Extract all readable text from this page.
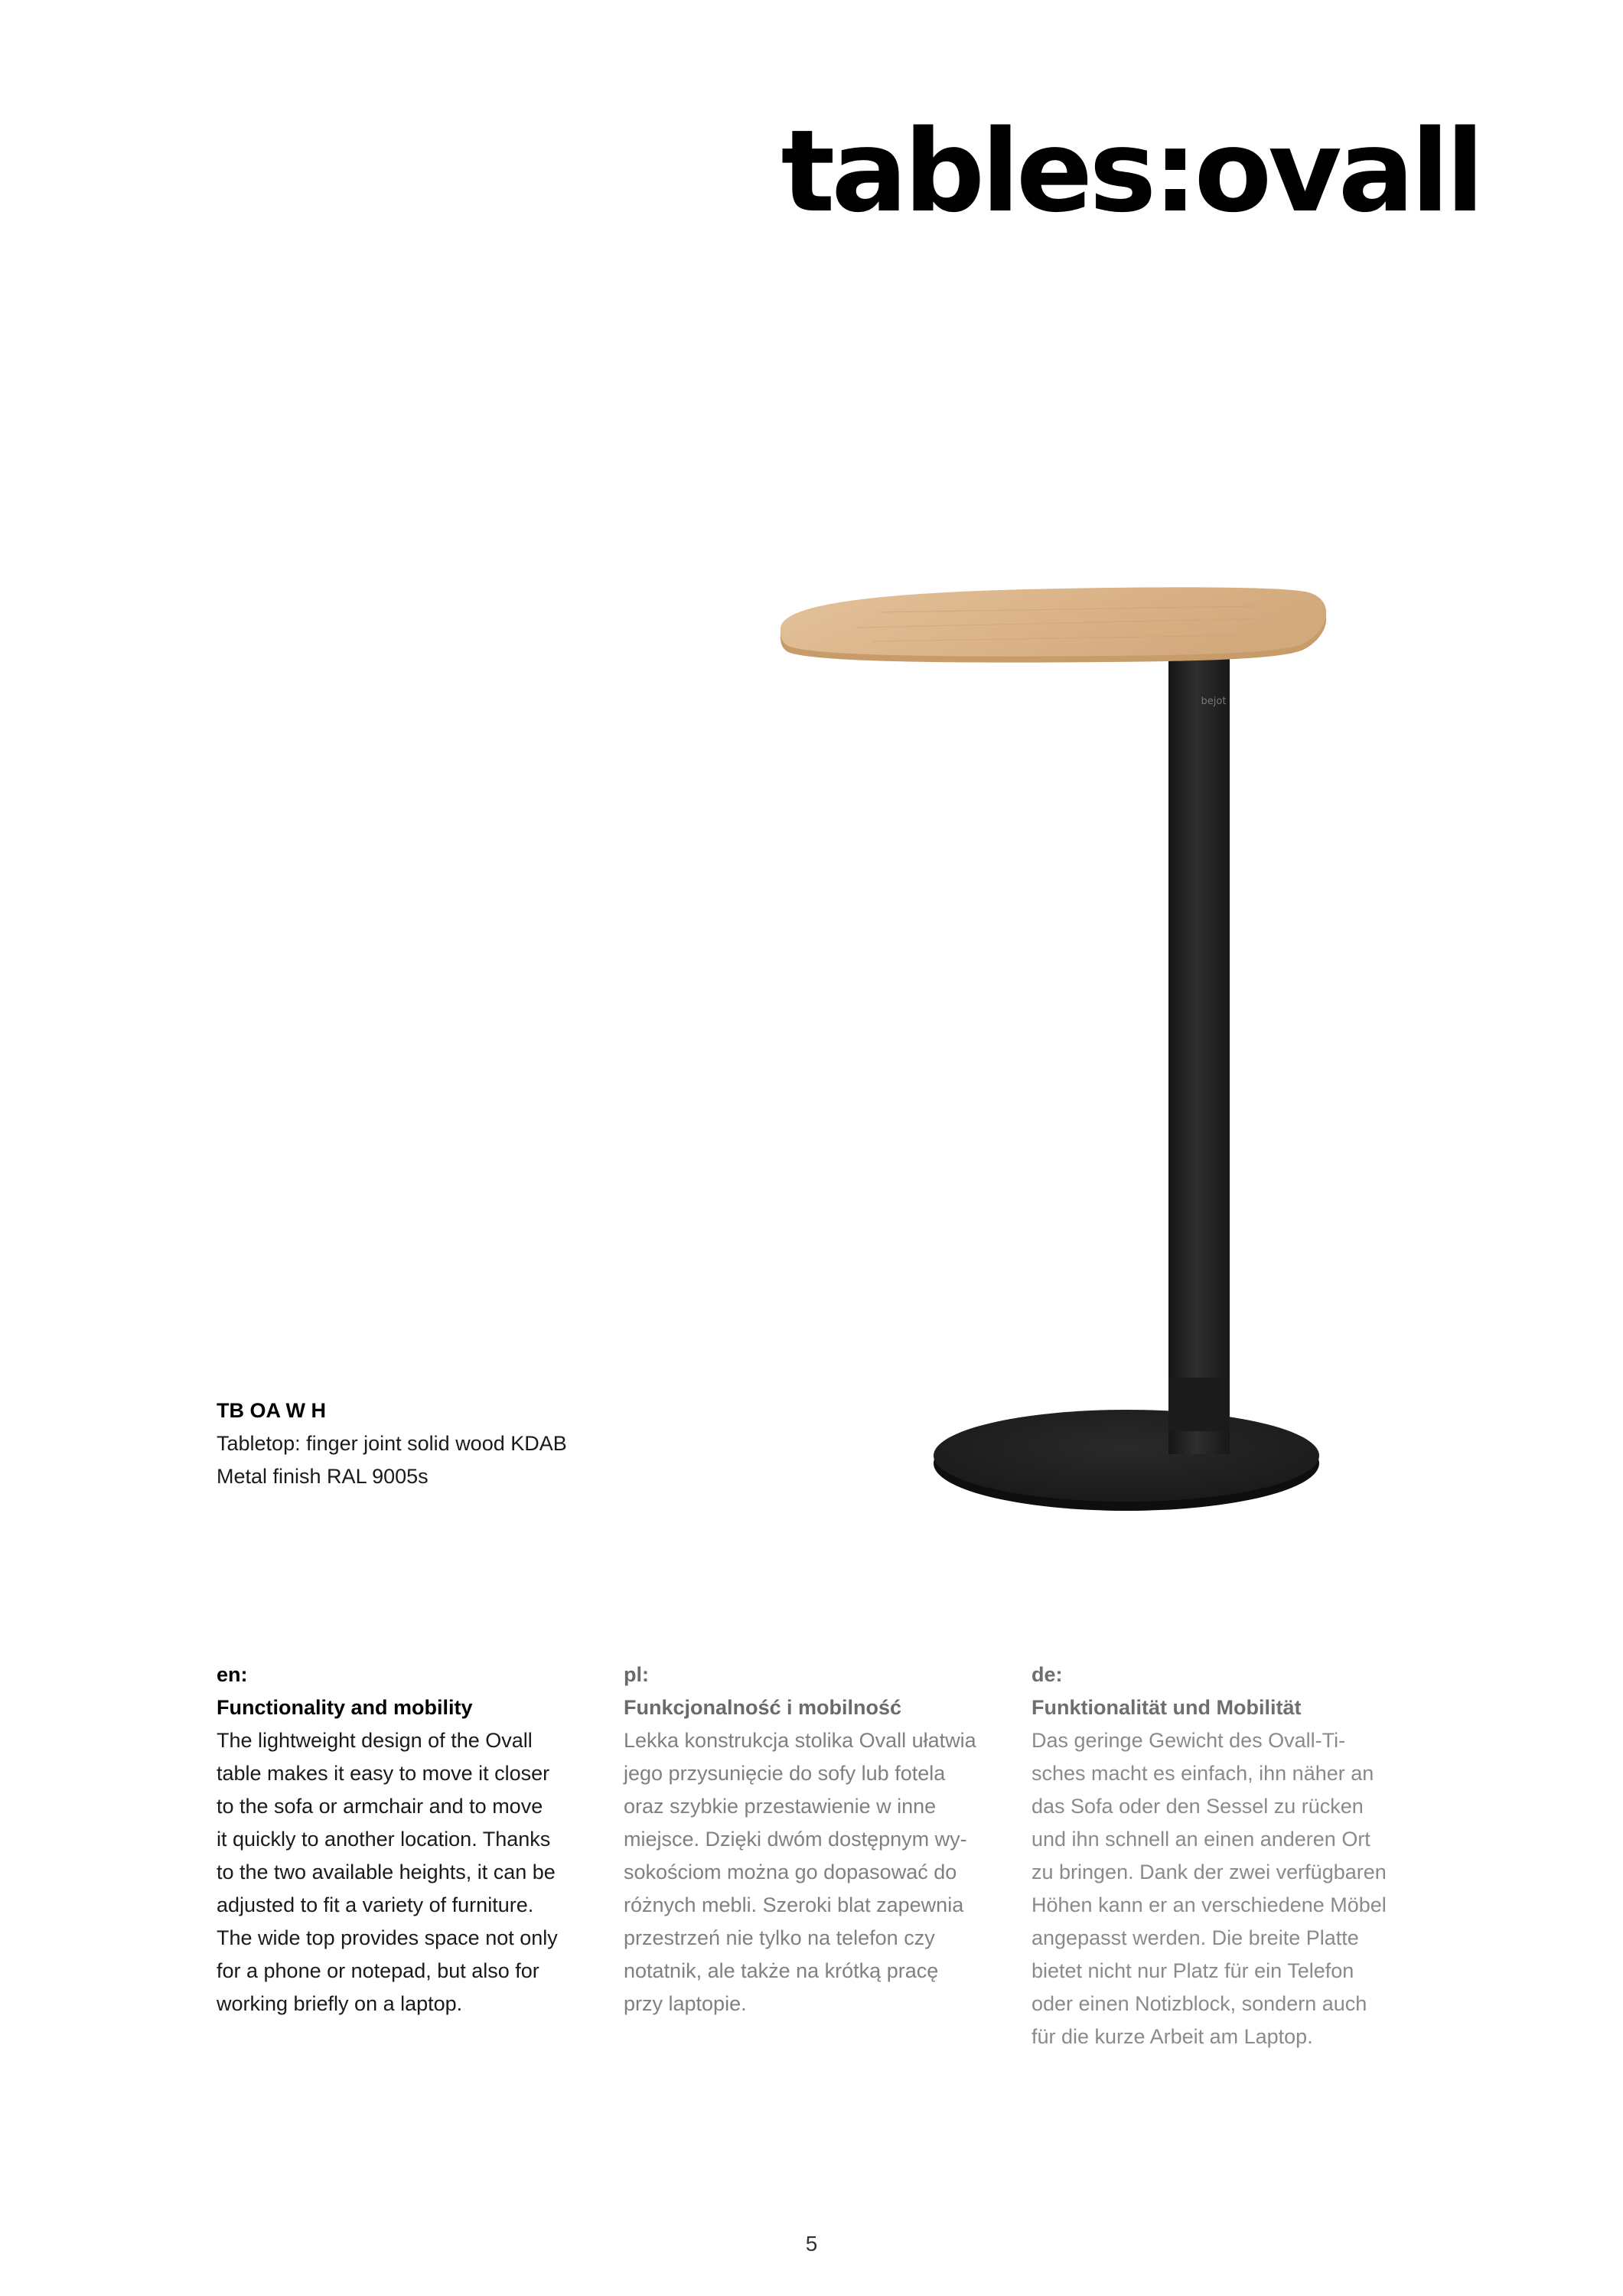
tables:ovall
bejot
TB OA W H
Tabletop: finger joint solid wood KDAB
Metal finish RAL 9005s
en:
Functionality and mobility
The lightweight design of the Ovall
table makes it easy to move it closer
to the sofa or armchair and to move
it quickly to another location. Thanks
to the two available heights, it can be
adjusted to fit a variety of furniture.
The wide top provides space not only
for a phone or notepad, but also for
working briefly on a laptop.
pl:
Funkcjonalność i mobilność
Lekka konstrukcja stolika Ovall ułatwia
jego przysunięcie do sofy lub fotela
oraz szybkie przestawienie w inne
miejsce. Dzięki dwóm dostępnym wy-
sokościom można go dopasować do
różnych mebli. Szeroki blat zapewnia
przestrzeń nie tylko na telefon czy
notatnik, ale także na krótką pracę
przy laptopie.
de:
Funktionalität und Mobilität
Das geringe Gewicht des Ovall-Ti-
sches macht es einfach, ihn näher an
das Sofa oder den Sessel zu rücken
und ihn schnell an einen anderen Ort
zu bringen. Dank der zwei verfügbaren
Höhen kann er an verschiedene Möbel
angepasst werden. Die breite Platte
bietet nicht nur Platz für ein Telefon
oder einen Notizblock, sondern auch
für die kurze Arbeit am Laptop.
5
